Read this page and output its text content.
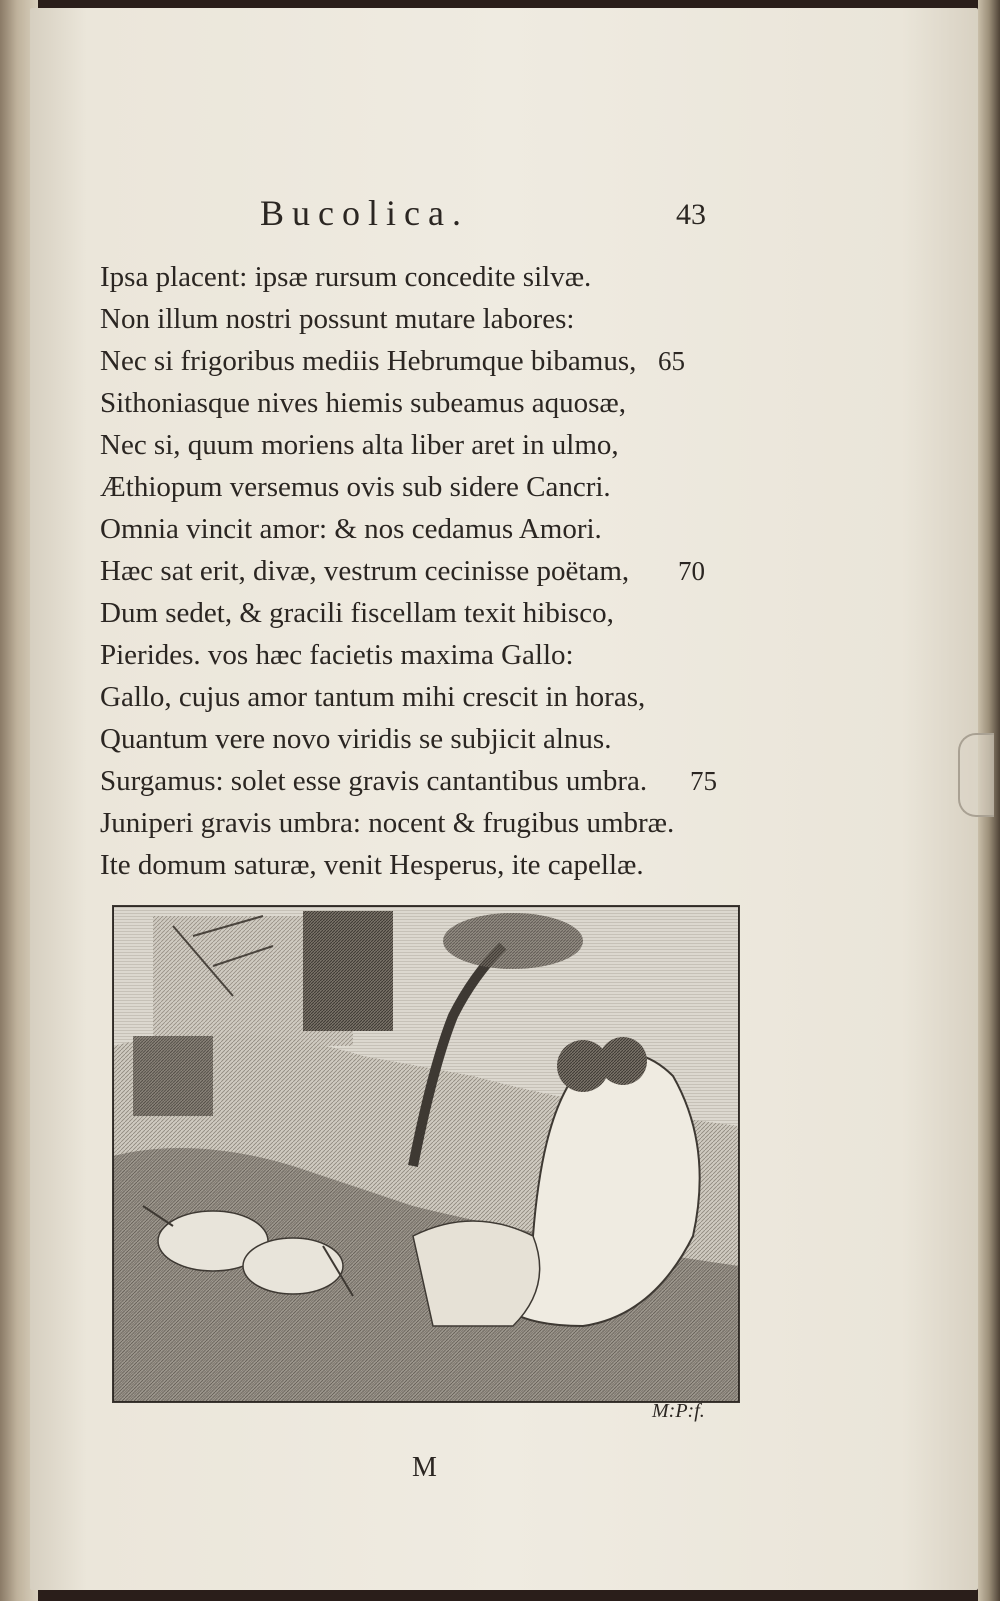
Bucolica.	43
Ipsa placent: ipsæ rursum concedite silvæ.
Non illum nostri possunt mutare labores:
Nec si frigoribus mediis Hebrumque bibamus, 65
Sithoniasque nives hiemis subeamus aquosæ,
Nec si, quum moriens alta liber aret in ulmo,
Æthiopum versemus ovis sub sidere Cancri.
Omnia vincit amor: & nos cedamus Amori.
Hæc sat erit, divæ, vestrum cecinisse poëtam, 70
Dum sedet, & gracili fiscellam texit hibisco,
Pierides. vos hæc facietis maxima Gallo:
Gallo, cujus amor tantum mihi crescit in horas,
Quantum vere novo viridis se subjicit alnus.
Surgamus: solet esse gravis cantantibus umbra. 75
Juniperi gravis umbra: nocent & frugibus umbræ.
Ite domum saturæ, venit Hesperus, ite capellæ.
M:P:f.
M
